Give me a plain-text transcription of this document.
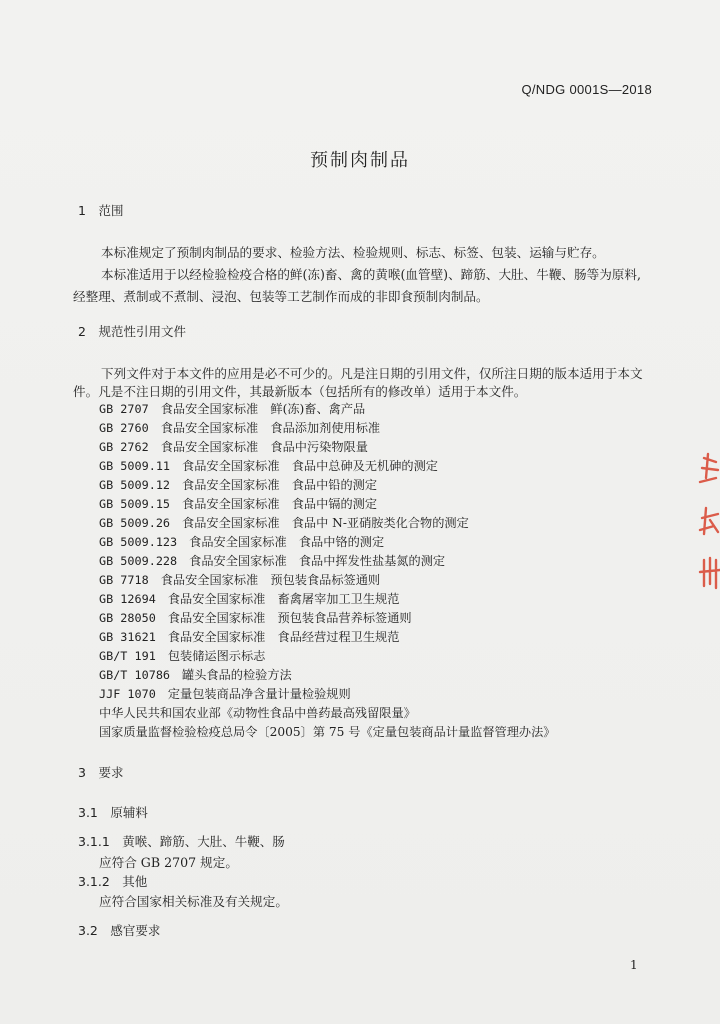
Q/NDG 0001S—2018
预制肉制品
1　范围
本标准规定了预制肉制品的要求、检验方法、检验规则、标志、标签、包装、运输与贮存。
本标准适用于以经检验检疫合格的鲜(冻)畜、禽的黄喉(血管壁)、蹄筋、大肚、牛鞭、肠等为原料,
经整理、煮制或不煮制、浸泡、包装等工艺制作而成的非即食预制肉制品。
2　规范性引用文件
下列文件对于本文件的应用是必不可少的。凡是注日期的引用文件，仅所注日期的版本适用于本文
件。凡是不注日期的引用文件，其最新版本（包括所有的修改单）适用于本文件。
GB 2707 食品安全国家标准　鲜(冻)畜、禽产品
GB 2760 食品安全国家标准　食品添加剂使用标准
GB 2762 食品安全国家标准　食品中污染物限量
GB 5009.11 食品安全国家标准　食品中总砷及无机砷的测定
GB 5009.12 食品安全国家标准　食品中铅的测定
GB 5009.15 食品安全国家标准　食品中镉的测定
GB 5009.26 食品安全国家标准　食品中 N-亚硝胺类化合物的测定
GB 5009.123 食品安全国家标准　食品中铬的测定
GB 5009.228 食品安全国家标准　食品中挥发性盐基氮的测定
GB 7718 食品安全国家标准　预包装食品标签通则
GB 12694 食品安全国家标准　畜禽屠宰加工卫生规范
GB 28050 食品安全国家标准　预包装食品营养标签通则
GB 31621 食品安全国家标准　食品经营过程卫生规范
GB/T 191 包装储运图示标志
GB/T 10786 罐头食品的检验方法
JJF 1070 定量包装商品净含量计量检验规则
中华人民共和国农业部《动物性食品中兽药最高残留限量》
国家质量监督检验检疫总局令〔2005〕第 75 号《定量包装商品计量监督管理办法》
3　要求
3.1　原辅料
3.1.1　黄喉、蹄筋、大肚、牛鞭、肠
应符合 GB 2707 规定。
3.1.2　其他
应符合国家相关标准及有关规定。
3.2　感官要求
1
